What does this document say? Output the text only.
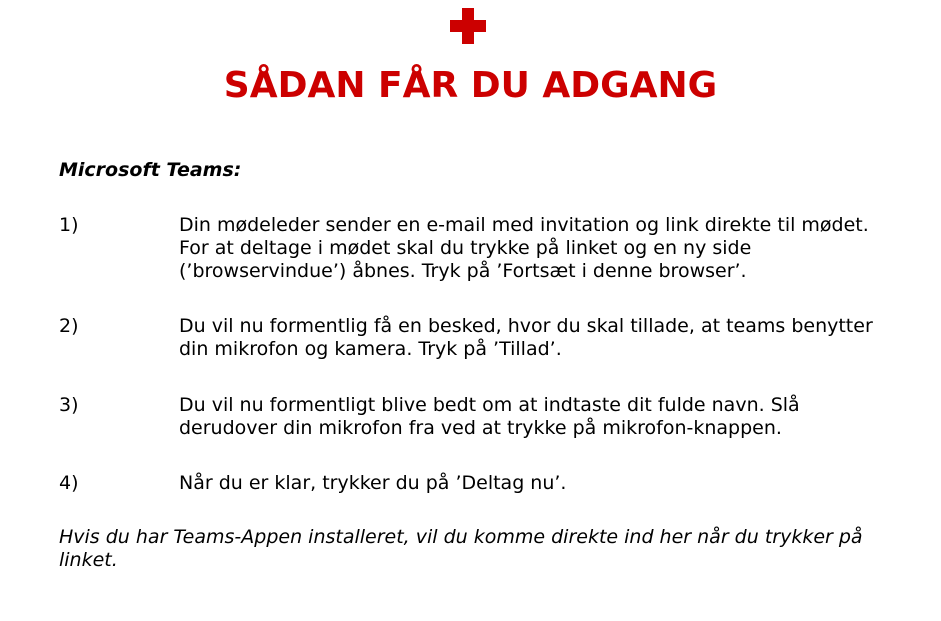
SÅDAN FÅR DU ADGANG

Microsoft Teams:

1)	Din mødeleder sender en e-mail med invitation og link direkte til mødet. For at deltage i mødet skal du trykke på linket og en ny side (’browservindue’) åbnes. Tryk på ’Fortsæt i denne browser’.
2)	Du vil nu formentlig få en besked, hvor du skal tillade, at teams benytter din mikrofon og kamera. Tryk på ’Tillad’.
3)	Du vil nu formentligt blive bedt om at indtaste dit fulde navn. Slå derudover din mikrofon fra ved at trykke på mikrofon-knappen.
4)	Når du er klar, trykker du på ’Deltag nu’.

Hvis du har Teams-Appen installeret, vil du komme direkte ind her når du trykker på linket.
